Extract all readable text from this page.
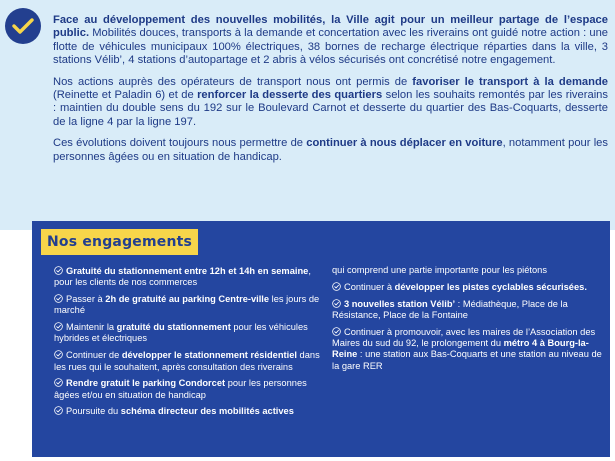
Face au développement des nouvelles mobilités, la Ville agit pour un meilleur partage de l’espace public. Mobilités douces, transports à la demande et concertation avec les riverains ont guidé notre action : une flotte de véhicules municipaux 100% électriques, 38 bornes de recharge électrique réparties dans la ville, 3 stations Vélib’, 4 stations d’autopartage et 2 abris à vélos sécurisés ont concrétisé notre engagement.

Nos actions auprès des opérateurs de transport nous ont permis de favoriser le transport à la demande (Reinette et Paladin 6) et de renforcer la desserte des quartiers selon les souhaits remontés par les riverains : maintien du double sens du 192 sur le Boulevard Carnot et desserte du quartier des Bas-Coquarts, desserte de la ligne 4 par la ligne 197.

Ces évolutions doivent toujours nous permettre de continuer à nous déplacer en voiture, notamment pour les personnes âgées ou en situation de handicap.

Nos engagements
Gratuité du stationnement entre 12h et 14h en semaine, pour les clients de nos commerces
Passer à 2h de gratuité au parking Centre-ville les jours de marché
Maintenir la gratuité du stationnement pour les véhicules hybrides et électriques
Continuer de développer le stationnement résidentiel dans les rues qui le souhaitent, après consultation des riverains
Rendre gratuit le parking Condorcet pour les personnes âgées et/ou en situation de handicap
Poursuite du schéma directeur des mobilités actives
qui comprend une partie importante pour les piétons
Continuer à développer les pistes cyclables sécurisées.
3 nouvelles station Vélib’ : Médiathèque, Place de la Résistance, Place de la Fontaine
Continuer à promouvoir, avec les maires de l’Association des Maires du sud du 92, le prolongement du métro 4 à Bourg-la-Reine : une station aux Bas-Coquarts et une station au niveau de la gare RER
